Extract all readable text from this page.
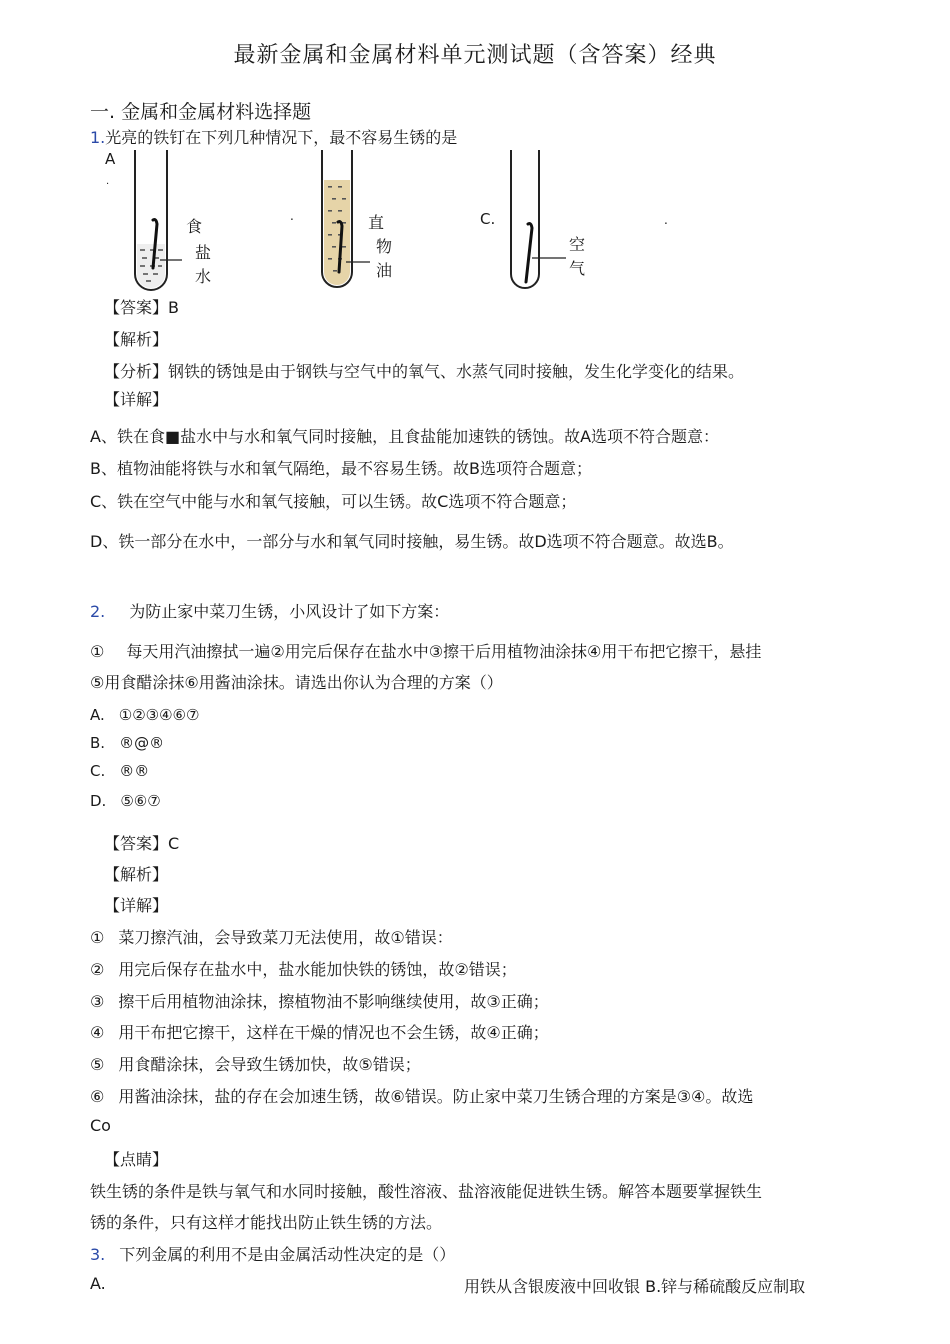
最新金属和金属材料单元测试题（含答案）经典
一. 金属和金属材料选择题
1.光亮的铁钉在下列几种情况下，最不容易生锈的是
A
.
食
盐
水
.	直
物
油
C.
空
气
.
【答案】B
【解析】
【分析】钢铁的锈蚀是由于钢铁与空气中的氧气、水蒸气同时接触，发生化学变化的结果。
【详解】
A、铁在食■盐水中与水和氧气同时接触，且食盐能加速铁的锈蚀。故A选项不符合题意：
B、植物油能将铁与水和氧气隔绝，最不容易生锈。故B选项符合题意；
C、铁在空气中能与水和氧气接触，可以生锈。故C选项不符合题意；
D、铁一部分在水中，一部分与水和氧气同时接触，易生锈。故D选项不符合题意。故选B。
2. 为防止家中菜刀生锈，小风设计了如下方案：
① 每天用汽油擦拭一遍②用完后保存在盐水中③擦干后用植物油涂抹④用干布把它擦干，悬挂
⑤用食醋涂抹⑥用酱油涂抹。请选出你认为合理的方案（）
A. ①②③④⑥⑦
B. ®@®
C. ®®
D. ⑤⑥⑦
【答案】C
【解析】
【详解】
① 菜刀擦汽油，会导致菜刀无法使用，故①错误：
② 用完后保存在盐水中，盐水能加快铁的锈蚀，故②错误；
③ 擦干后用植物油涂抹，擦植物油不影响继续使用，故③正确；
④ 用干布把它擦干，这样在干燥的情况也不会生锈，故④正确；
⑤ 用食醋涂抹，会导致生锈加快，故⑤错误；
⑥ 用酱油涂抹，盐的存在会加速生锈，故⑥错误。防止家中菜刀生锈合理的方案是③④。故选
Co
【点睛】
铁生锈的条件是铁与氧气和水同时接触，酸性溶液、盐溶液能促进铁生锈。解答本题要掌握铁生
锈的条件，只有这样才能找出防止铁生锈的方法。
3. 下列金属的利用不是由金属活动性决定的是（）
A.	用铁从含银废液中回收银 B.锌与稀硫酸反应制取
